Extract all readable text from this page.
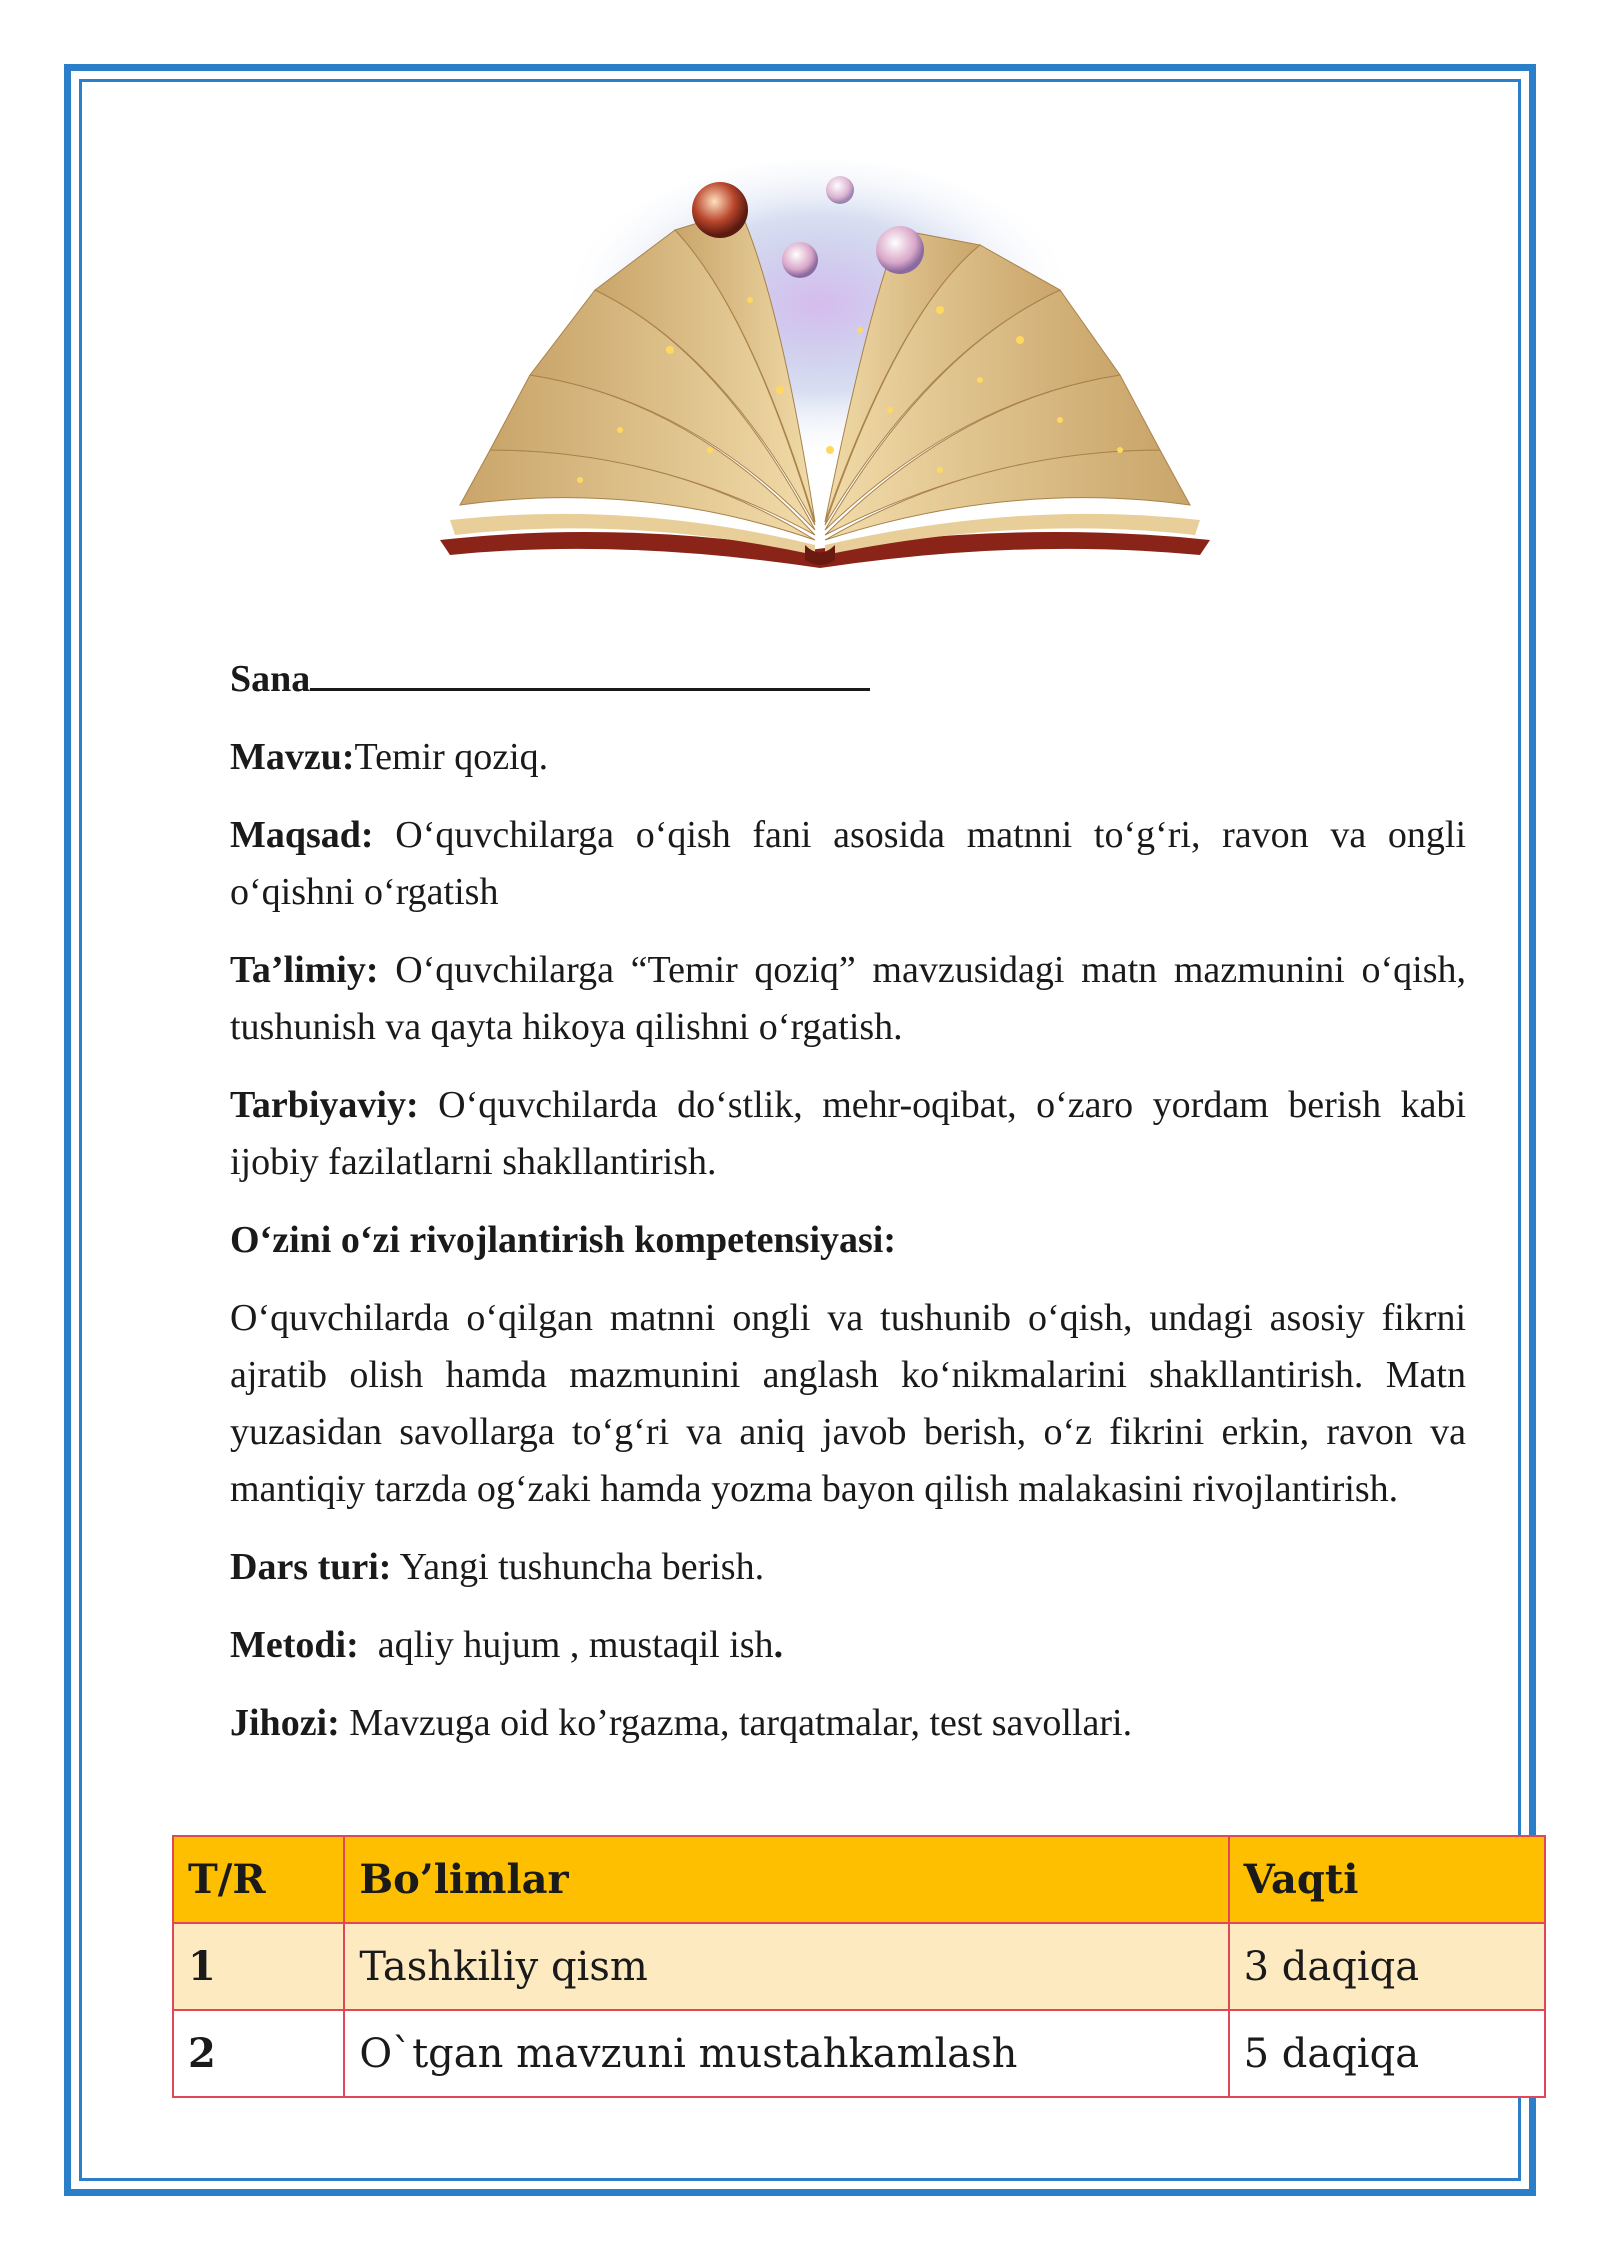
Sana

Mavzu:Temir qoziq.

Maqsad: O‘quvchilarga o‘qish fani asosida matnni to‘g‘ri, ravon va ongli o‘qishni o‘rgatish

Ta’limiy: O‘quvchilarga “Temir qoziq” mavzusidagi matn mazmunini o‘qish, tushunish va qayta hikoya qilishni o‘rgatish.

Tarbiyaviy: O‘quvchilarda do‘stlik, mehr-oqibat, o‘zaro yordam berish kabi ijobiy fazilatlarni shakllantirish.

O‘zini o‘zi rivojlantirish kompetensiyasi:

O‘quvchilarda o‘qilgan matnni ongli va tushunib o‘qish, undagi asosiy fikrni ajratib olish hamda mazmunini anglash ko‘nikmalarini shakllantirish. Matn yuzasidan savollarga to‘g‘ri va aniq javob berish, o‘z fikrini erkin, ravon va mantiqiy tarzda og‘zaki hamda yozma bayon qilish malakasini rivojlantirish.

Dars turi: Yangi tushuncha berish.

Metodi: aqliy hujum , mustaqil ish.

Jihozi: Mavzuga oid ko’rgazma, tarqatmalar, test savollari.

T/R	Bo’limlar	Vaqti
1	Tashkiliy qism	3 daqiqa
2	O`tgan mavzuni mustahkamlash	5 daqiqa
